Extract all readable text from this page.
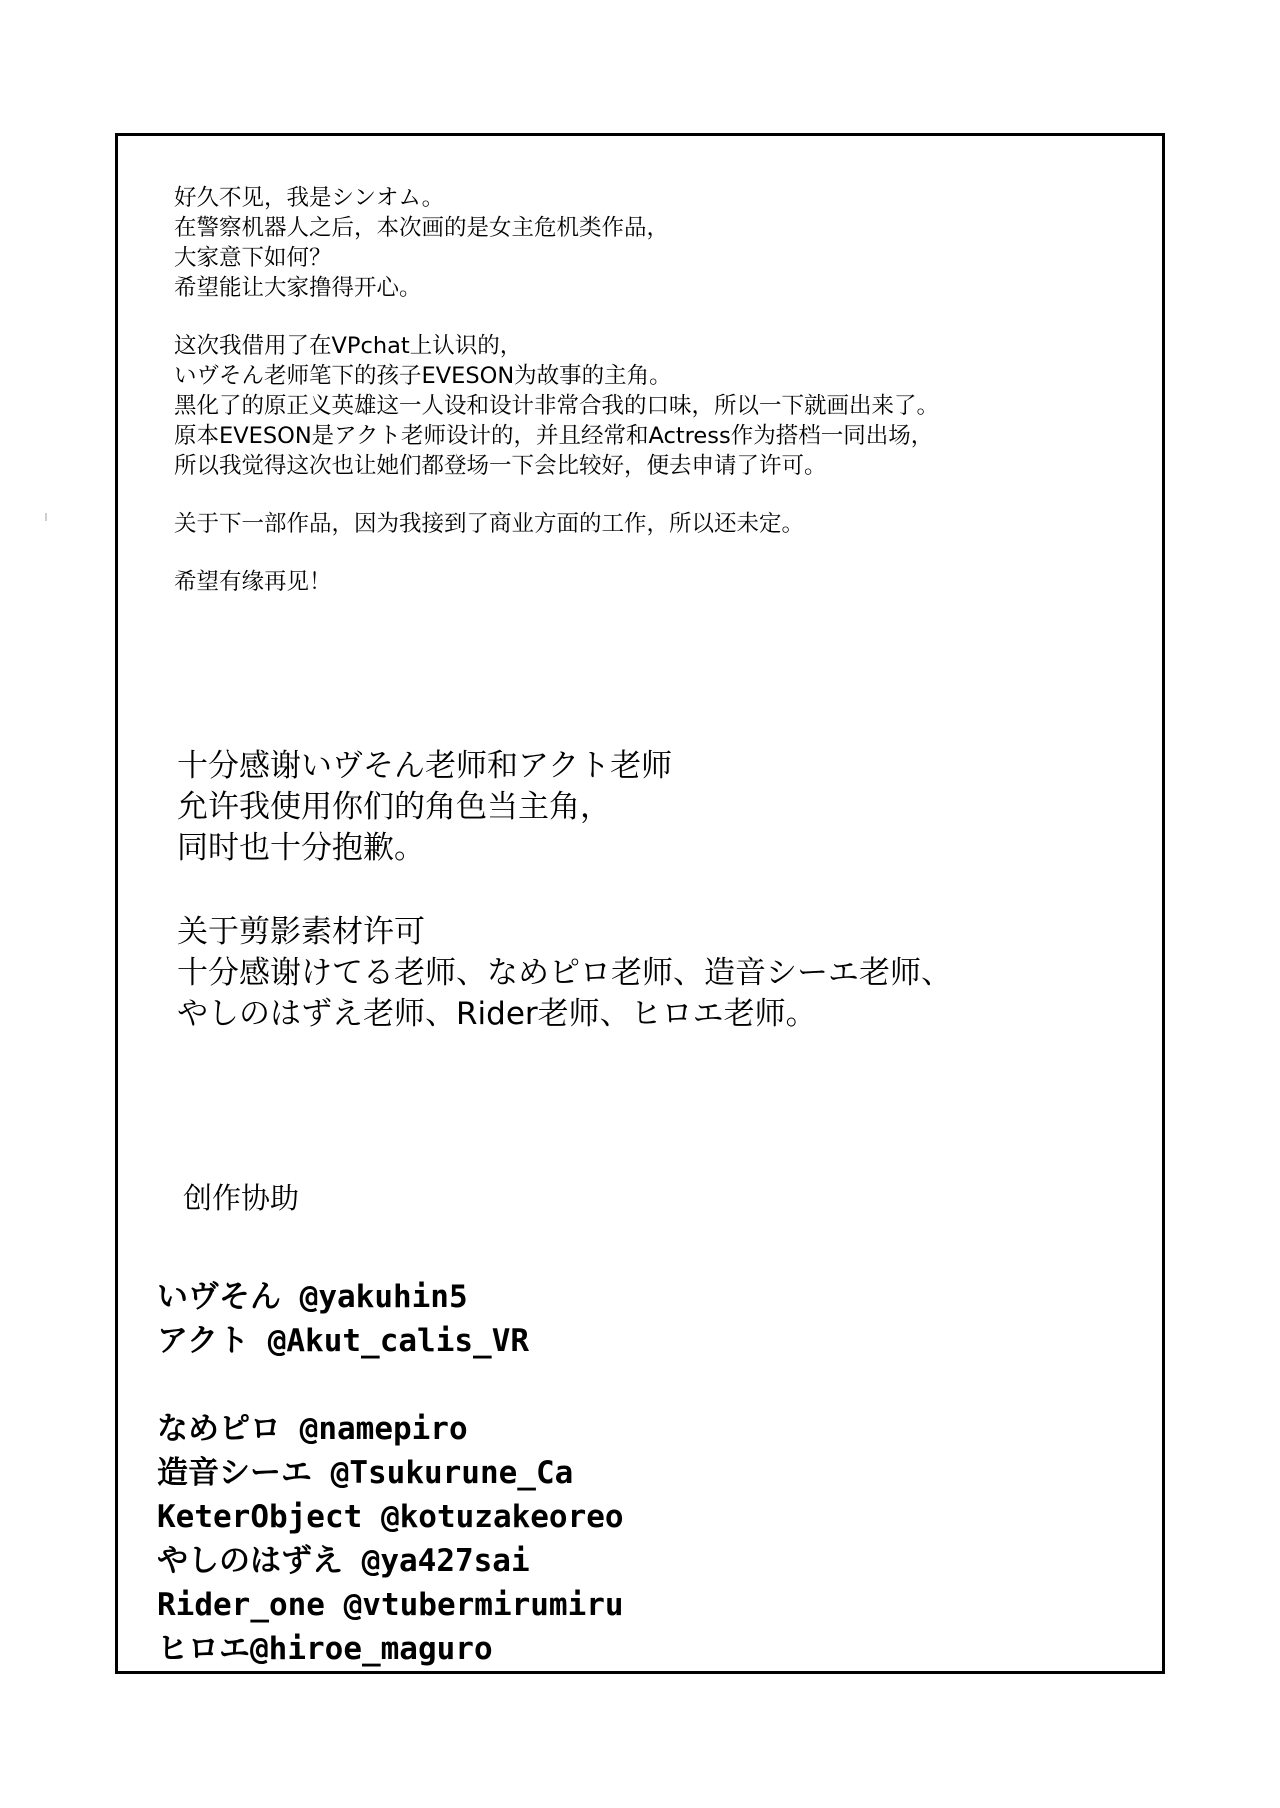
好久不见，我是シンオム。
在警察机器人之后，本次画的是女主危机类作品，
大家意下如何？
希望能让大家撸得开心。
这次我借用了在VPchat上认识的，
いヴそん老师笔下的孩子EVESON为故事的主角。
黑化了的原正义英雄这一人设和设计非常合我的口味，所以一下就画出来了。
原本EVESON是アクト老师设计的，并且经常和Actress作为搭档一同出场，
所以我觉得这次也让她们都登场一下会比较好，便去申请了许可。
关于下一部作品，因为我接到了商业方面的工作，所以还未定。
希望有缘再见！
十分感谢いヴそん老师和アクト老师
允许我使用你们的角色当主角，
同时也十分抱歉。
关于剪影素材许可
十分感谢けてる老师、なめピロ老师、造音シーエ老师、
やしのはずえ老师、Rider老师、ヒロエ老师。
创作协助
いヴそん @yakuhin5
アクト @Akut_calis_VR
なめピロ @namepiro
造音シーエ @Tsukurune_Ca
KeterObject @kotuzakeoreo
やしのはずえ @ya427sai
Rider_one @vtubermirumiru
ヒロエ@hiroe_maguro
